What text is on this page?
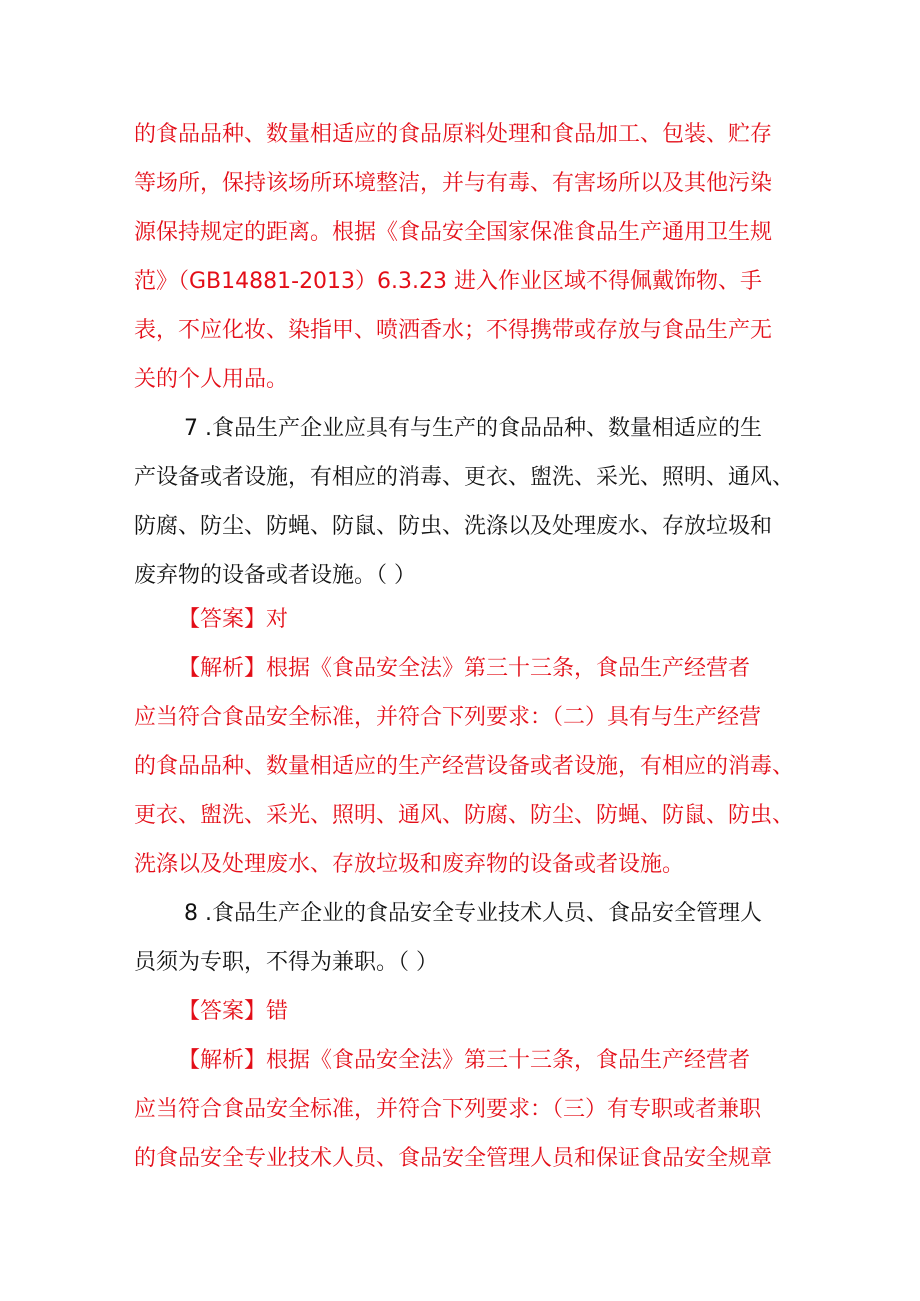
的食品品种、数量相适应的食品原料处理和食品加工、包装、贮存
等场所，保持该场所环境整洁，并与有毒、有害场所以及其他污染
源保持规定的距离。根据《食品安全国家保准食品生产通用卫生规
范》（GB14881-2013）6.3.23 进入作业区域不得佩戴饰物、手
表，不应化妆、染指甲、喷洒香水；不得携带或存放与食品生产无
关的个人用品。
7 .食品生产企业应具有与生产的食品品种、数量相适应的生
产设备或者设施，有相应的消毒、更衣、盥洗、采光、照明、通风、
防腐、防尘、防蝇、防鼠、防虫、洗涤以及处理废水、存放垃圾和
废弃物的设备或者设施。（ ）
【答案】对
【解析】根据《食品安全法》第三十三条，食品生产经营者
应当符合食品安全标准，并符合下列要求：（二）具有与生产经营
的食品品种、数量相适应的生产经营设备或者设施，有相应的消毒、
更衣、盥洗、采光、照明、通风、防腐、防尘、防蝇、防鼠、防虫、
洗涤以及处理废水、存放垃圾和废弃物的设备或者设施。
8 .食品生产企业的食品安全专业技术人员、食品安全管理人
员须为专职，不得为兼职。（ ）
【答案】错
【解析】根据《食品安全法》第三十三条，食品生产经营者
应当符合食品安全标准，并符合下列要求：（三）有专职或者兼职
的食品安全专业技术人员、食品安全管理人员和保证食品安全规章
